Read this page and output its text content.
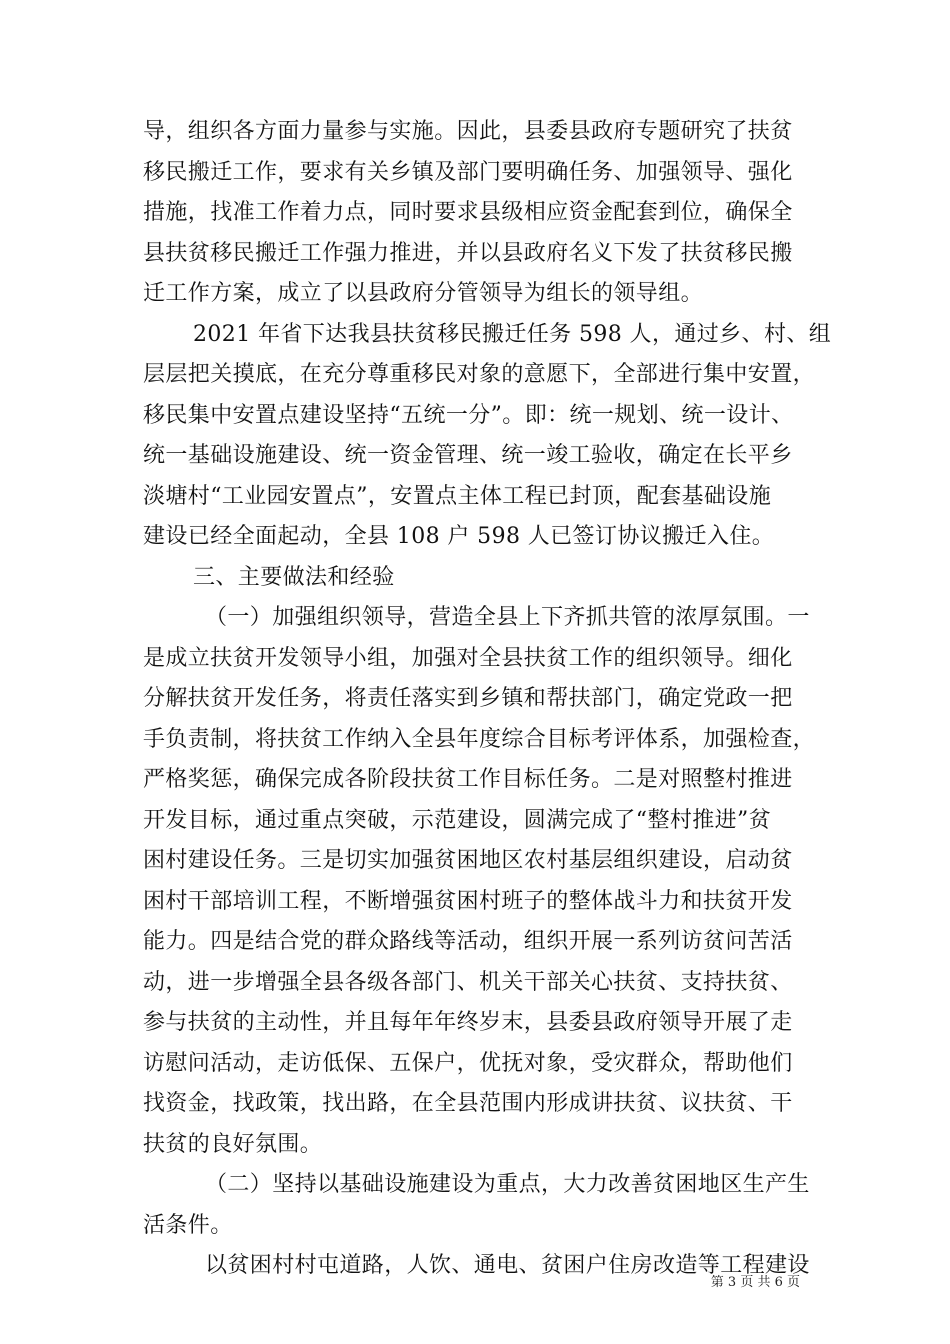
导，组织各方面力量参与实施。因此，县委县政府专题研究了扶贫
移民搬迁工作，要求有关乡镇及部门要明确任务、加强领导、强化
措施，找准工作着力点，同时要求县级相应资金配套到位，确保全
县扶贫移民搬迁工作强力推进，并以县政府名义下发了扶贫移民搬
迁工作方案，成立了以县政府分管领导为组长的领导组。
2021 年省下达我县扶贫移民搬迁任务 598 人，通过乡、村、组
层层把关摸底，在充分尊重移民对象的意愿下，全部进行集中安置，
移民集中安置点建设坚持“五统一分”。即：统一规划、统一设计、
统一基础设施建设、统一资金管理、统一竣工验收，确定在长平乡
淡塘村“工业园安置点”，安置点主体工程已封顶，配套基础设施
建设已经全面起动，全县 108 户 598 人已签订协议搬迁入住。
三、主要做法和经验
（一）加强组织领导，营造全县上下齐抓共管的浓厚氛围。一
是成立扶贫开发领导小组，加强对全县扶贫工作的组织领导。细化
分解扶贫开发任务，将责任落实到乡镇和帮扶部门，确定党政一把
手负责制，将扶贫工作纳入全县年度综合目标考评体系，加强检查，
严格奖惩，确保完成各阶段扶贫工作目标任务。二是对照整村推进
开发目标，通过重点突破，示范建设，圆满完成了“整村推进”贫
困村建设任务。三是切实加强贫困地区农村基层组织建设，启动贫
困村干部培训工程，不断增强贫困村班子的整体战斗力和扶贫开发
能力。四是结合党的群众路线等活动，组织开展一系列访贫问苦活
动，进一步增强全县各级各部门、机关干部关心扶贫、支持扶贫、
参与扶贫的主动性，并且每年年终岁末，县委县政府领导开展了走
访慰问活动，走访低保、五保户，优抚对象，受灾群众，帮助他们
找资金，找政策，找出路，在全县范围内形成讲扶贫、议扶贫、干
扶贫的良好氛围。
（二）坚持以基础设施建设为重点，大力改善贫困地区生产生
活条件。
以贫困村村屯道路，人饮、通电、贫困户住房改造等工程建设
第 3 页 共 6 页
